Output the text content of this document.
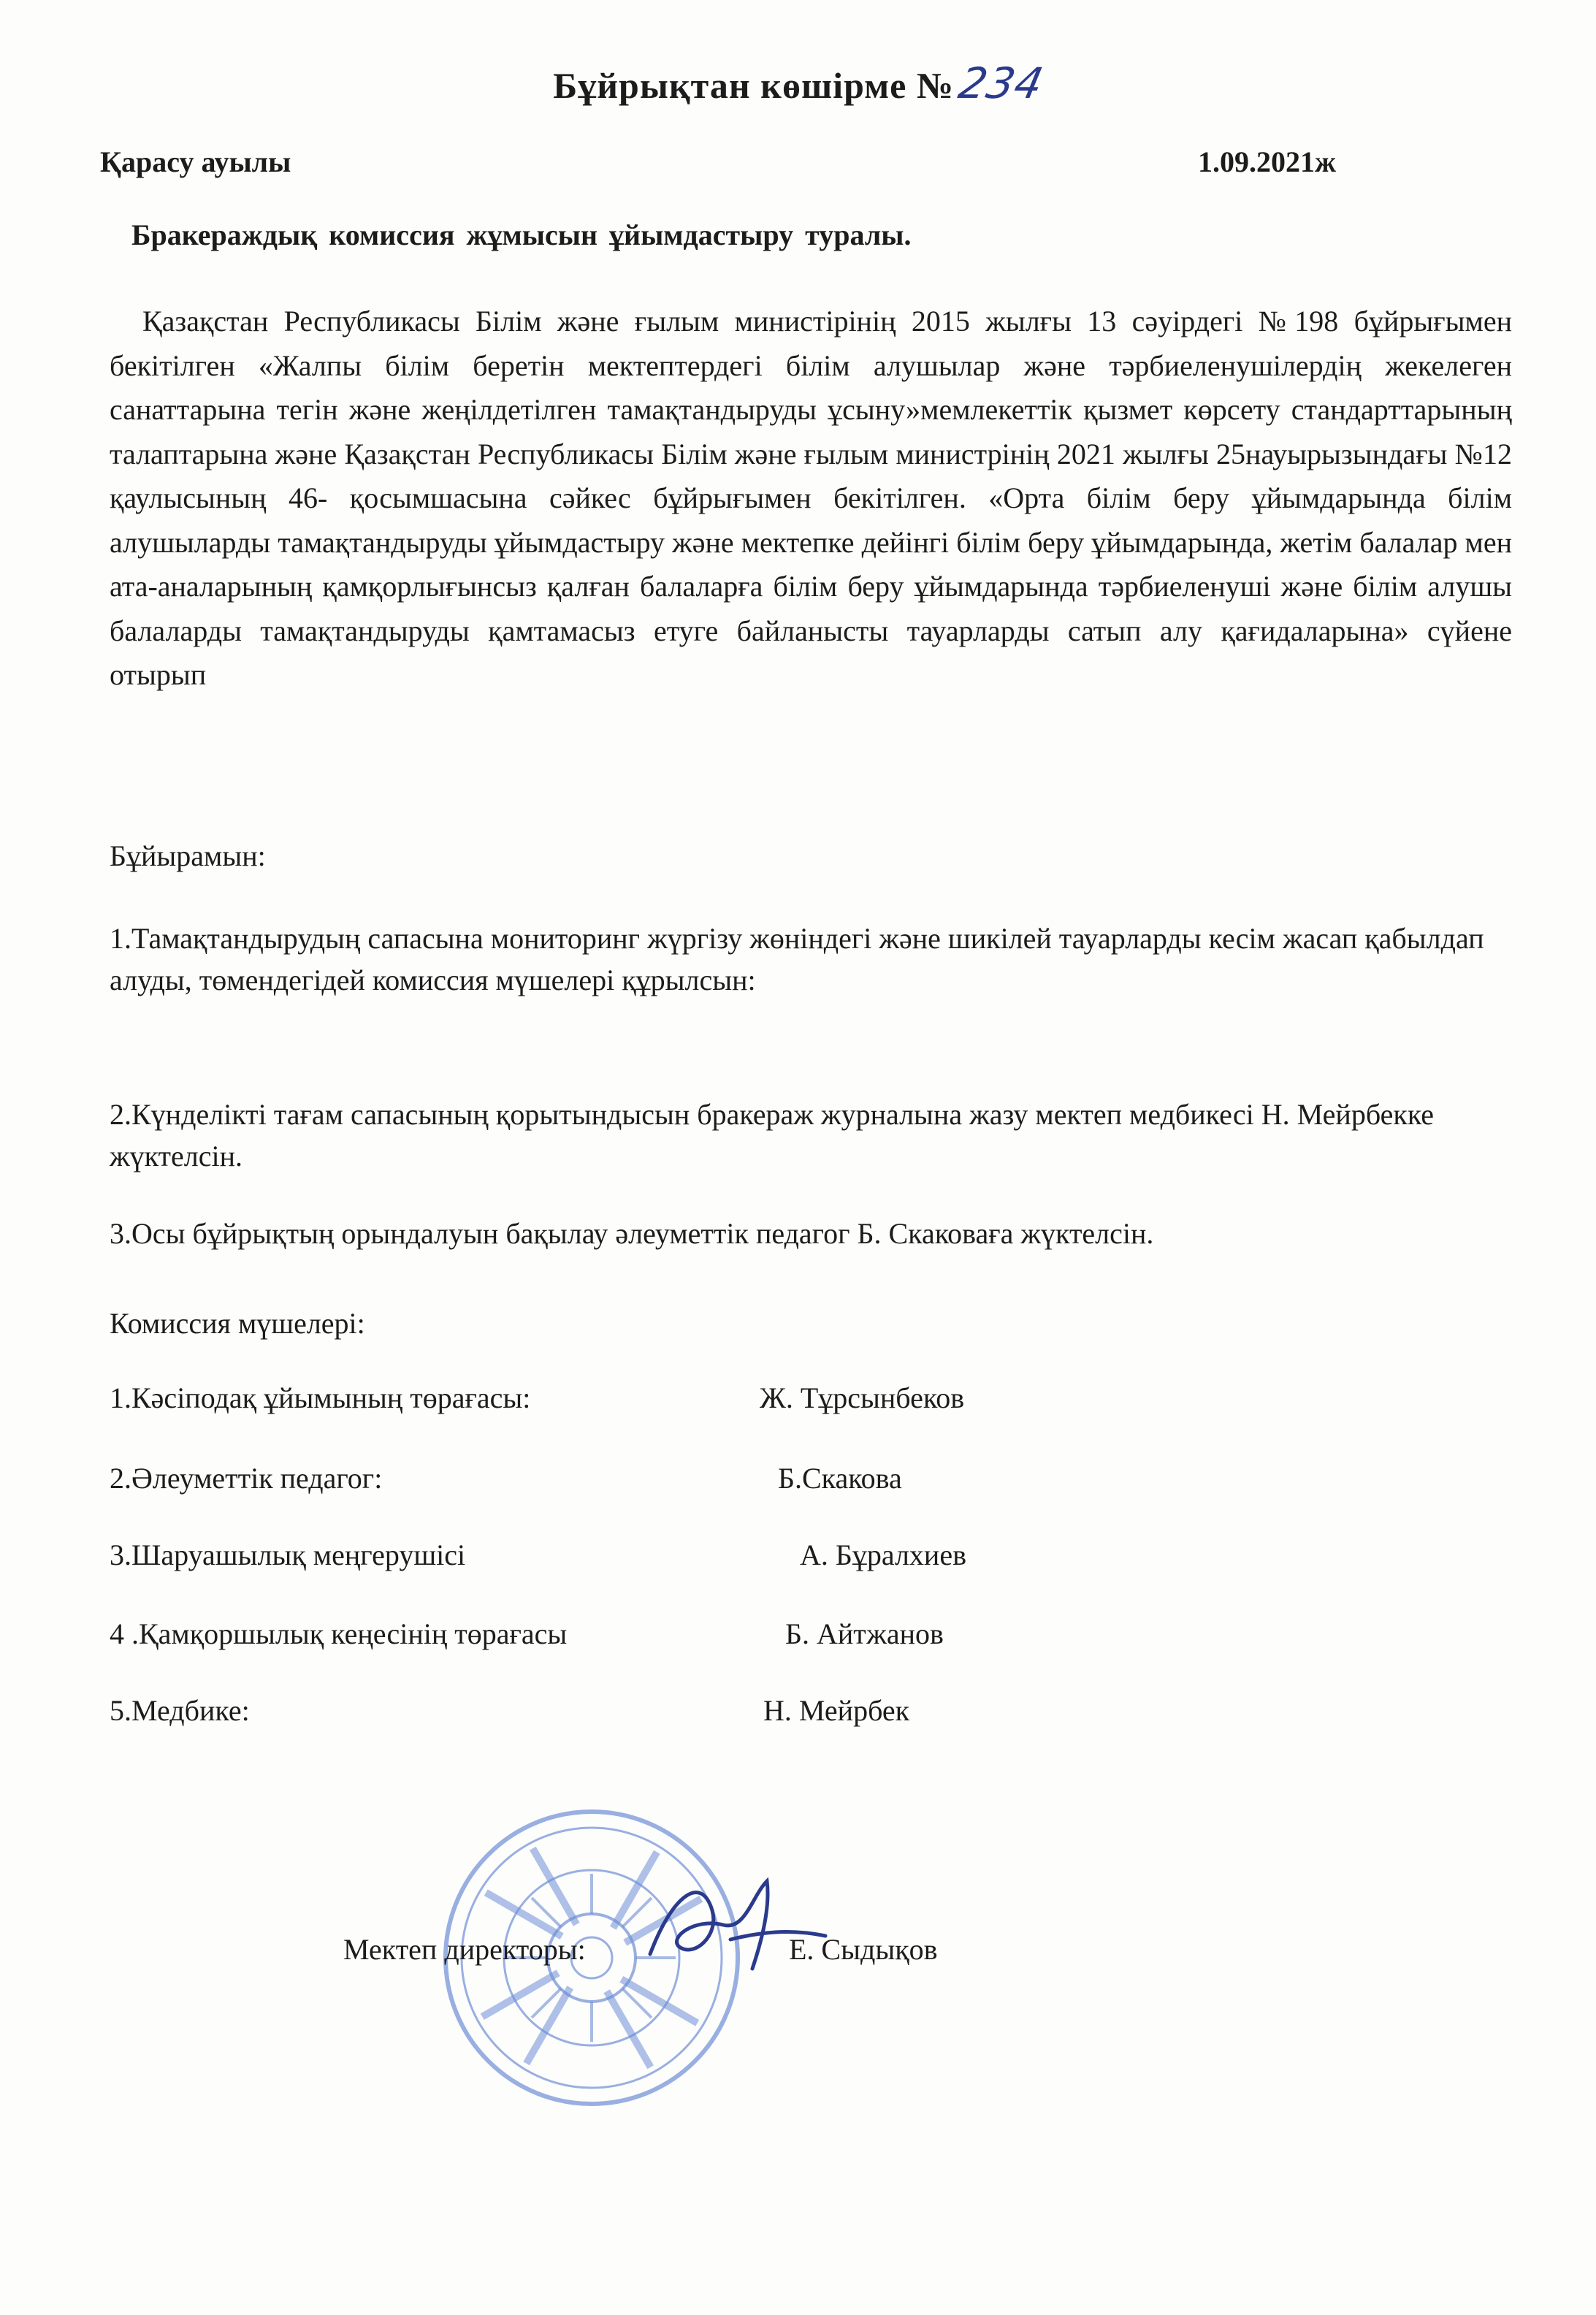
Бұйрықтан көшірме №234
Қарасу ауылы	1.09.2021ж
Бракераждық комиссия жұмысын ұйымдастыру туралы.

Қазақстан Республикасы Білім және ғылым министірінің 2015 жылғы 13 сәуірдегі №198 бұйрығымен бекітілген «Жалпы білім беретін мектептердегі білім алушылар және тәрбиеленушілердің жекелеген санаттарына тегін және жеңілдетілген тамақтандыруды ұсыну»мемлекеттік қызмет көрсету стандарттарының талаптарына және Қазақстан Республикасы Білім және ғылым министрінің 2021 жылғы 25науырызындағы №12 қаулысының 46- қосымшасына сәйкес бұйрығымен бекітілген. «Орта білім беру ұйымдарында білім алушыларды тамақтандыруды ұйымдастыру және мектепке дейінгі білім беру ұйымдарында, жетім балалар мен ата-аналарының қамқорлығынсыз қалған балаларға білім беру ұйымдарында тәрбиеленуші және білім алушы балаларды тамақтандыруды қамтамасыз етуге байланысты тауарларды сатып алу қағидаларына» сүйене отырып

Бұйырамын:
1.Тамақтандырудың сапасына мониторинг жүргізу жөніндегі және шикілей тауарларды кесім жасап қабылдап алуды, төмендегідей комиссия мүшелері құрылсын:
2.Күнделікті тағам сапасының қорытындысын бракераж журналына жазу мектеп медбикесі Н. Мейрбекке жүктелсін.
3.Осы бұйрықтың орындалуын бақылау әлеуметтік педагог Б. Скаковаға жүктелсін.
Комиссия мүшелері:
1.Кәсіподақ ұйымының төрағасы:	Ж. Тұрсынбеков
2.Әлеуметтік педагог:	Б.Скакова
3.Шаруашылық меңгерушісі	А. Бұралхиев
4 .Қамқоршылық кеңесінің төрағасы	Б. Айтжанов
5.Медбике:	Н. Мейрбек
Мектеп директоры:	Е. Сыдықов
